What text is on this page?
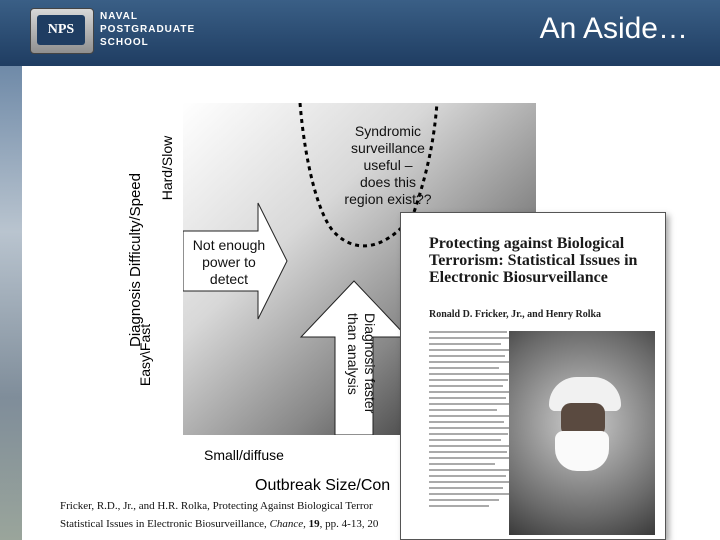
NPS
NAVAL
POSTGRADUATE
SCHOOL	An Aside…
Syndromic
surveillance
useful –
does this
region exist??
Not enough
power to
detect
Diagnosis faster
than analysis
Diagnosis Difficulty/Speed
Hard/Slow
Easy\Fast
Small/diffuse
Outbreak Size/Con
Protecting against Biological Terrorism: Statistical Issues in Electronic Biosurveillance
Ronald D. Fricker, Jr., and Henry Rolka
Fricker, R.D., Jr., and H.R. Rolka, Protecting Against Biological Terror
Statistical Issues in Electronic Biosurveillance, Chance, 19, pp. 4-13, 20
